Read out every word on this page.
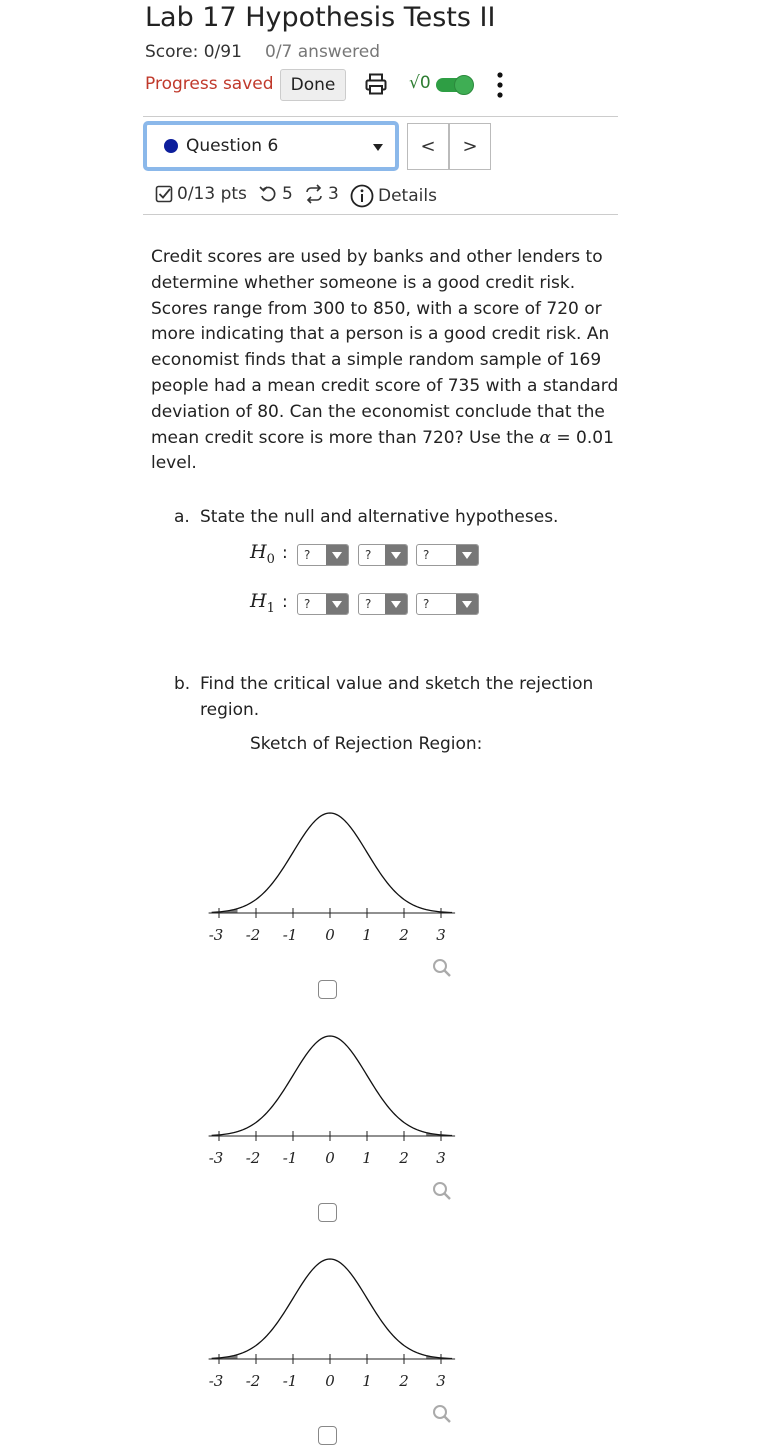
Lab 17 Hypothesis Tests II
Score: 0/91 0/7 answered
Progress saved	Done	√0
Question 6	<	>
0/13 pts 5 3 Details
Credit scores are used by banks and other lenders to determine whether someone is a good credit risk. Scores range from 300 to 850, with a score of 720 or more indicating that a person is a good credit risk. An economist finds that a simple random sample of 169 people had a mean credit score of 735 with a standard deviation of 80. Can the economist conclude that the mean credit score is more than 720? Use the α = 0.01 level.
a. State the null and alternative hypotheses.
$H_0$ :	?	?	?
$H_1$ :	?	?	?
b. Find the critical value and sketch the rejection
region.
Sketch of Rejection Region:
-3 -2 -1 0 1 2 3
-3 -2 -1 0 1 2 3
-3 -2 -1 0 1 2 3
